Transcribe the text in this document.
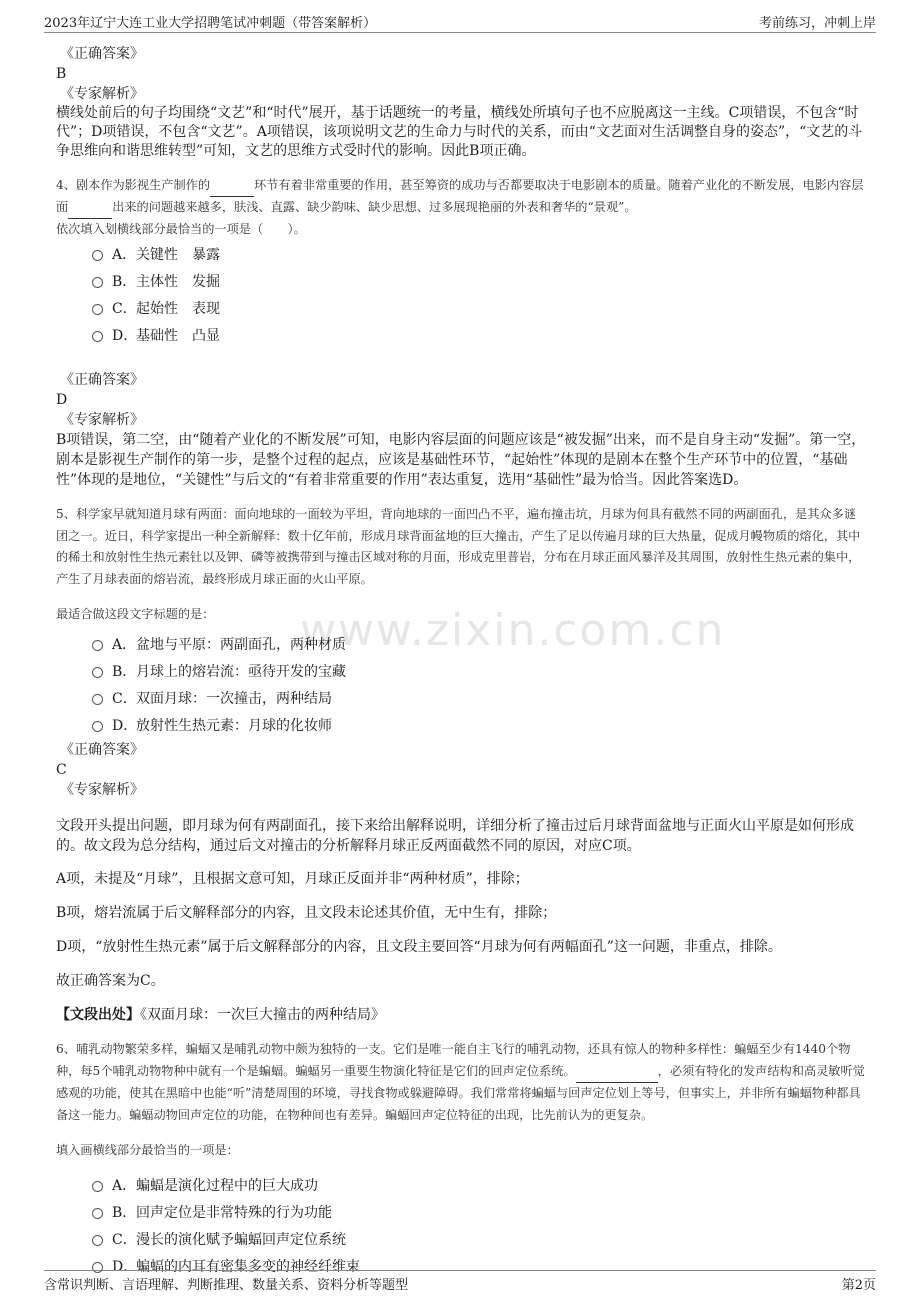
2023年辽宁大连工业大学招聘笔试冲刺题（带答案解析）	考前练习，冲刺上岸
www.zixin.com.cn
《正确答案》
B
《专家解析》
横线处前后的句子均围绕“文艺”和“时代”展开，基于话题统一的考量，横线处所填句子也不应脱离这一主线。C项错误，不包含“时代”；D项错误，不包含“文艺”。A项错误，该项说明文艺的生命力与时代的关系，而由“文艺面对生活调整自身的姿态”，“文艺的斗争思维向和谐思维转型”可知，文艺的思维方式受时代的影响。因此B项正确。
4、剧本作为影视生产制作的	环节有着非常重要的作用，甚至筹资的成功与否都要取决于电影剧本的质量。随着产业化的不断发展，电影内容层面	出来的问题越来越多，肤浅、直露、缺少韵味、缺少思想、过多展现艳丽的外表和奢华的“景观”。
依次填入划横线部分最恰当的一项是（　　）。
A．关键性　暴露
B．主体性　发掘
C．起始性　表现
D．基础性　凸显
《正确答案》
D
《专家解析》
B项错误，第二空，由“随着产业化的不断发展”可知，电影内容层面的问题应该是“被发掘”出来，而不是自身主动“发掘”。第一空，剧本是影视生产制作的第一步，是整个过程的起点，应该是基础性环节，“起始性”体现的是剧本在整个生产环节中的位置，“基础性”体现的是地位，“关键性”与后文的“有着非常重要的作用”表达重复，选用“基础性”最为恰当。因此答案选D。
5、科学家早就知道月球有两面：面向地球的一面较为平坦，背向地球的一面凹凸不平，遍布撞击坑，月球为何具有截然不同的两副面孔，是其众多谜团之一。近日，科学家提出一种全新解释：数十亿年前，形成月球背面盆地的巨大撞击，产生了足以传遍月球的巨大热量，促成月幔物质的熔化，其中的稀土和放射性生热元素钍以及钾、磷等被携带到与撞击区域对称的月面，形成克里普岩，分布在月球正面风暴洋及其周围，放射性生热元素的集中，产生了月球表面的熔岩流，最终形成月球正面的火山平原。
最适合做这段文字标题的是：
A．盆地与平原：两副面孔，两种材质
B．月球上的熔岩流：亟待开发的宝藏
C．双面月球：一次撞击，两种结局
D．放射性生热元素：月球的化妆师
《正确答案》
C
《专家解析》
文段开头提出问题，即月球为何有两副面孔，接下来给出解释说明，详细分析了撞击过后月球背面盆地与正面火山平原是如何形成的。故文段为总分结构，通过后文对撞击的分析解释月球正反两面截然不同的原因，对应C项。
A项，未提及“月球”，且根据文意可知，月球正反面并非“两种材质”，排除；
B项，熔岩流属于后文解释部分的内容，且文段未论述其价值，无中生有，排除；
D项，“放射性生热元素”属于后文解释部分的内容，且文段主要回答“月球为何有两幅面孔”这一问题，非重点，排除。
故正确答案为C。
【文段出处】《双面月球：一次巨大撞击的两种结局》
6、哺乳动物繁荣多样，蝙蝠又是哺乳动物中颇为独特的一支。它们是唯一能自主飞行的哺乳动物，还具有惊人的物种多样性：蝙蝠至少有1440个物种，每5个哺乳动物物种中就有一个是蝙蝠。蝙蝠另一重要生物演化特征是它们的回声定位系统。	，必须有特化的发声结构和高灵敏听觉感观的功能，使其在黑暗中也能“听”清楚周围的环境，寻找食物或躲避障碍。我们常常将蝙蝠与回声定位划上等号，但事实上，并非所有蝙蝠物种都具备这一能力。蝙蝠动物回声定位的功能，在物种间也有差异。蝙蝠回声定位特征的出现，比先前认为的更复杂。
填入画横线部分最恰当的一项是：
A．蝙蝠是演化过程中的巨大成功
B．回声定位是非常特殊的行为功能
C．漫长的演化赋予蝙蝠回声定位系统
D．蝙蝠的内耳有密集多变的神经纤维束
含常识判断、言语理解、判断推理、数量关系、资料分析等题型	第2页
